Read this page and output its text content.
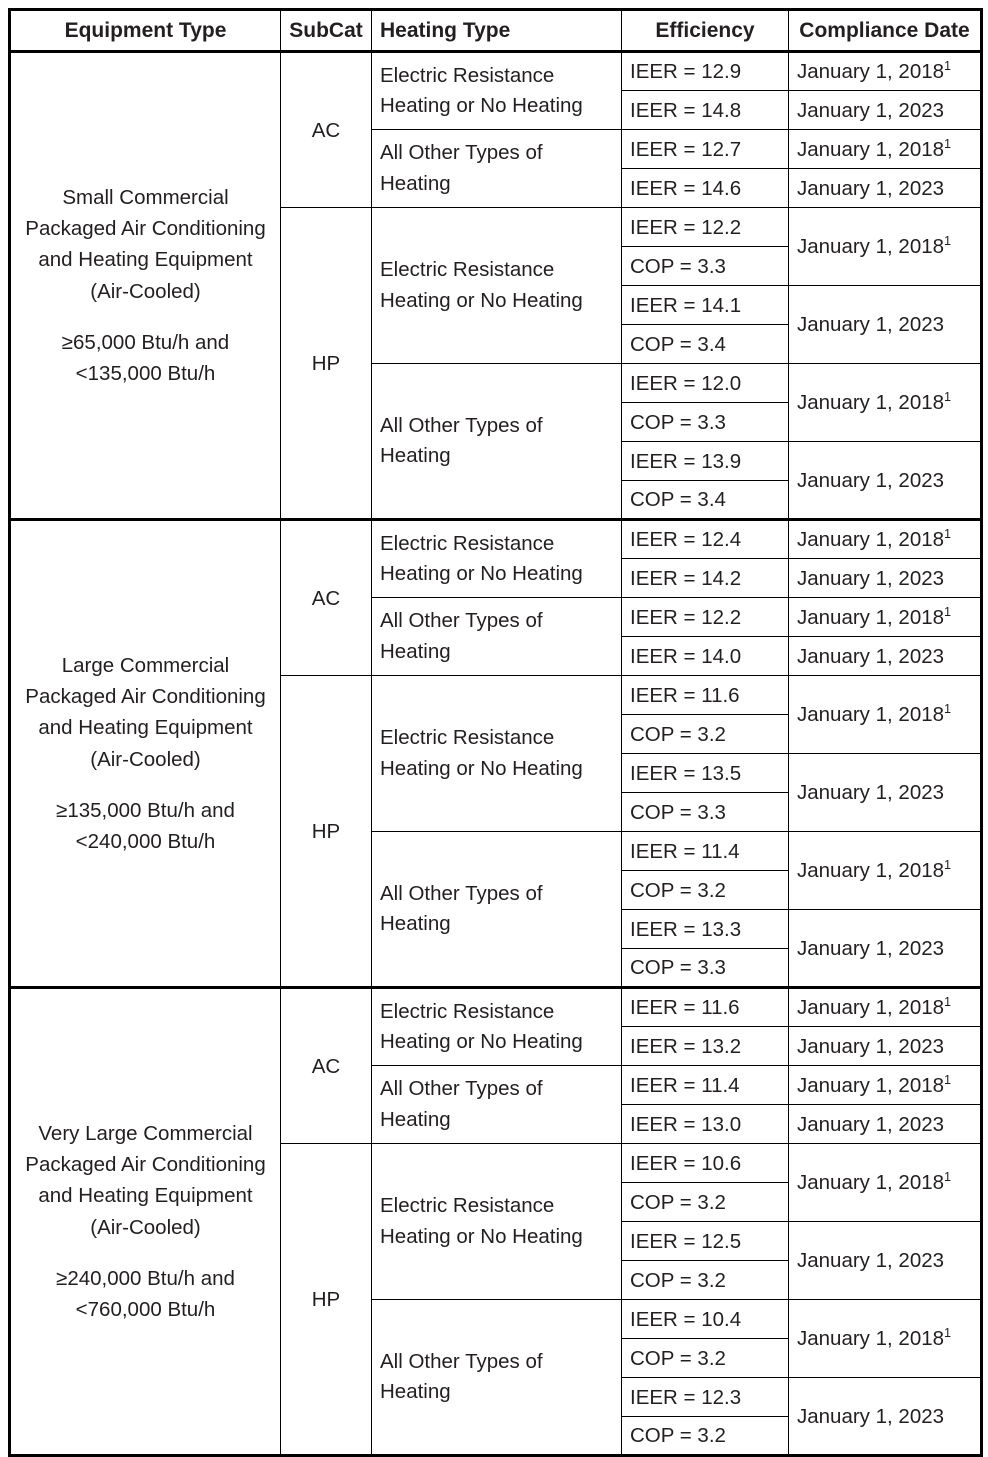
Equipment Type	SubCat	Heating Type	Efficiency	Compliance Date
Small Commercial Packaged Air Conditioning and Heating Equipment (Air-Cooled)
≥65,000 Btu/h and
<135,000 Btu/h	AC	Electric Resistance Heating or No Heating	IEER = 12.9	January 1, 2018$^1$
			IEER = 14.8	January 1, 2023
		All Other Types of Heating	IEER = 12.7	January 1, 2018$^1$
			IEER = 14.6	January 1, 2023
	HP	Electric Resistance Heating or No Heating	IEER = 12.2	January 1, 2018$^1$
			COP = 3.3	
			IEER = 14.1	January 1, 2023
			COP = 3.4	
		All Other Types of Heating	IEER = 12.0	January 1, 2018$^1$
			COP = 3.3	
			IEER = 13.9	January 1, 2023
			COP = 3.4	
Large Commercial Packaged Air Conditioning and Heating Equipment (Air-Cooled)
≥135,000 Btu/h and
<240,000 Btu/h	AC	Electric Resistance Heating or No Heating	IEER = 12.4	January 1, 2018$^1$
			IEER = 14.2	January 1, 2023
		All Other Types of Heating	IEER = 12.2	January 1, 2018$^1$
			IEER = 14.0	January 1, 2023
	HP	Electric Resistance Heating or No Heating	IEER = 11.6	January 1, 2018$^1$
			COP = 3.2	
			IEER = 13.5	January 1, 2023
			COP = 3.3	
		All Other Types of Heating	IEER = 11.4	January 1, 2018$^1$
			COP = 3.2	
			IEER = 13.3	January 1, 2023
			COP = 3.3	
Very Large Commercial Packaged Air Conditioning and Heating Equipment (Air-Cooled)
≥240,000 Btu/h and
<760,000 Btu/h	AC	Electric Resistance Heating or No Heating	IEER = 11.6	January 1, 2018$^1$
			IEER = 13.2	January 1, 2023
		All Other Types of Heating	IEER = 11.4	January 1, 2018$^1$
			IEER = 13.0	January 1, 2023
	HP	Electric Resistance Heating or No Heating	IEER = 10.6	January 1, 2018$^1$
			COP = 3.2	
			IEER = 12.5	January 1, 2023
			COP = 3.2	
		All Other Types of Heating	IEER = 10.4	January 1, 2018$^1$
			COP = 3.2	
			IEER = 12.3	January 1, 2023
			COP = 3.2	
